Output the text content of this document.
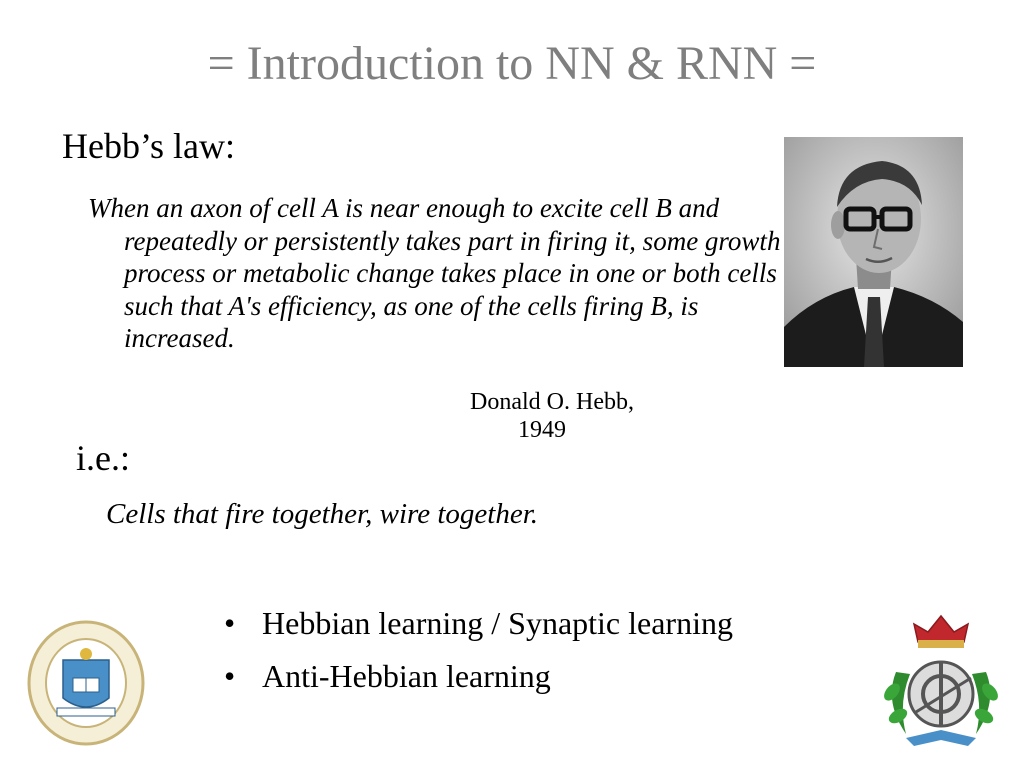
= Introduction to NN & RNN =
Hebb’s law:

When an axon of cell A is near enough to excite cell B and repeatedly or persistently takes part in firing it, some growth process or metabolic change takes place in one or both cells such that A's efficiency, as one of the cells firing B, is increased.

Donald O. Hebb,
1949
i.e.:
Cells that fire together, wire together.
• Hebbian learning / Synaptic learning
• Anti-Hebbian learning
